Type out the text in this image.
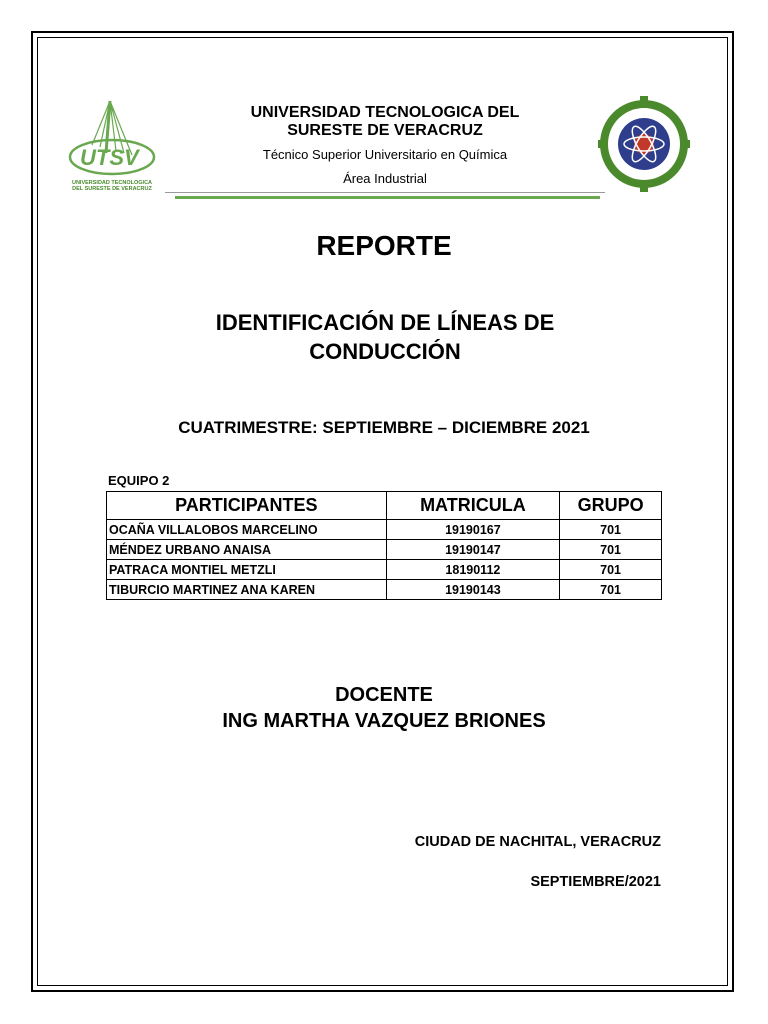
UTSV
UNIVERSIDAD TECNOLOGICA
DEL SURESTE DE VERACRUZ
UNIVERSIDAD TECNOLOGICA DEL
SURESTE DE VERACRUZ
Técnico Superior Universitario en Química
Área Industrial
REPORTE
IDENTIFICACIÓN DE LÍNEAS DE CONDUCCIÓN
CUATRIMESTRE: SEPTIEMBRE – DICIEMBRE 2021
EQUIPO 2
PARTICIPANTES	MATRICULA	GRUPO
OCAÑA VILLALOBOS MARCELINO	19190167	701
MÉNDEZ URBANO ANAISA	19190147	701
PATRACA MONTIEL METZLI	18190112	701
TIBURCIO MARTINEZ ANA KAREN	19190143	701
DOCENTE
ING MARTHA VAZQUEZ BRIONES
CIUDAD DE NACHITAL, VERACRUZ
SEPTIEMBRE/2021
